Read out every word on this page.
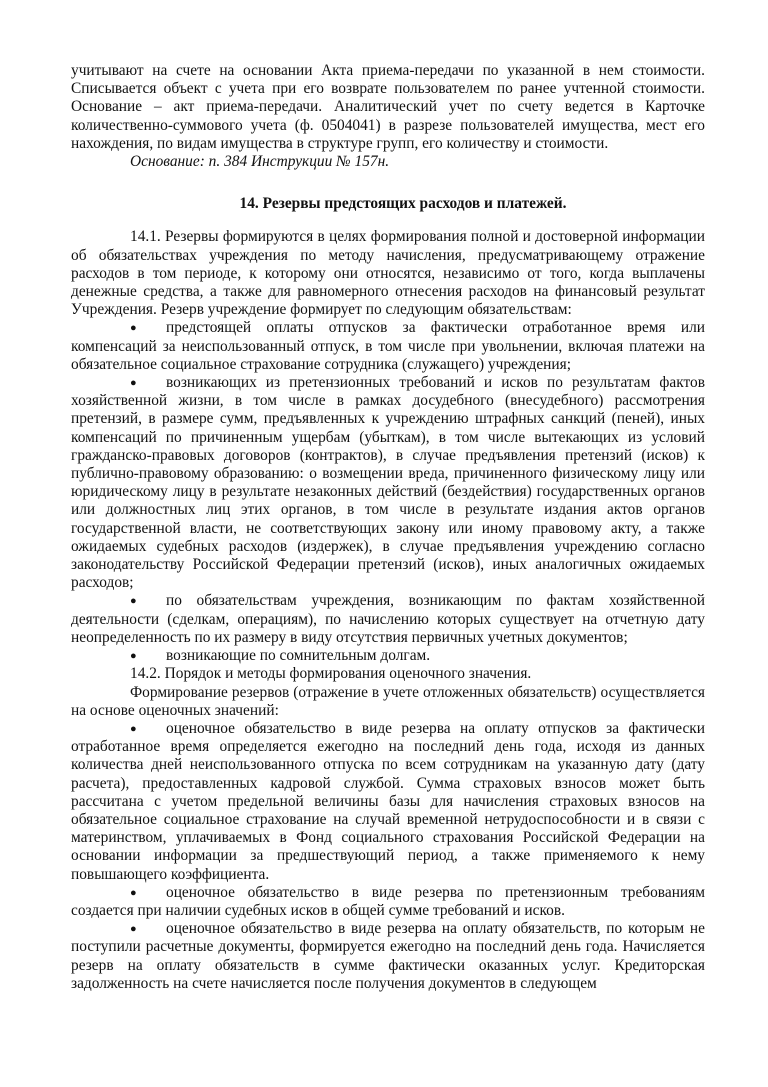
учитывают на счете на основании Акта приема-передачи по указанной в нем стоимости. Списывается объект с учета при его возврате пользователем по ранее учтенной стоимости. Основание – акт приема-передачи. Аналитический учет по счету ведется в Карточке количественно-суммового учета (ф. 0504041) в разрезе пользователей имущества, мест его нахождения, по видам имущества в структуре групп, его количеству и стоимости.

Основание: п. 384 Инструкции № 157н.

14. Резервы предстоящих расходов и платежей.

14.1. Резервы формируются в целях формирования полной и достоверной информации об обязательствах учреждения по методу начисления, предусматривающему отражение расходов в том периоде, к которому они относятся, независимо от того, когда выплачены денежные средства, а также для равномерного отнесения расходов на финансовый результат Учреждения. Резерв учреждение формирует по следующим обязательствам:

● предстоящей оплаты отпусков за фактически отработанное время или компенсаций за неиспользованный отпуск, в том числе при увольнении, включая платежи на обязательное социальное страхование сотрудника (служащего) учреждения;

● возникающих из претензионных требований и исков по результатам фактов хозяйственной жизни, в том числе в рамках досудебного (внесудебного) рассмотрения претензий, в размере сумм, предъявленных к учреждению штрафных санкций (пеней), иных компенсаций по причиненным ущербам (убыткам), в том числе вытекающих из условий гражданско-правовых договоров (контрактов), в случае предъявления претензий (исков) к публично-правовому образованию: о возмещении вреда, причиненного физическому лицу или юридическому лицу в результате незаконных действий (бездействия) государственных органов или должностных лиц этих органов, в том числе в результате издания актов органов государственной власти, не соответствующих закону или иному правовому акту, а также ожидаемых судебных расходов (издержек), в случае предъявления учреждению согласно законодательству Российской Федерации претензий (исков), иных аналогичных ожидаемых расходов;

● по обязательствам учреждения, возникающим по фактам хозяйственной деятельности (сделкам, операциям), по начислению которых существует на отчетную дату неопределенность по их размеру в виду отсутствия первичных учетных документов;

● возникающие по сомнительным долгам.

14.2. Порядок и методы формирования оценочного значения.

Формирование резервов (отражение в учете отложенных обязательств) осуществляется на основе оценочных значений:

● оценочное обязательство в виде резерва на оплату отпусков за фактически отработанное время определяется ежегодно на последний день года, исходя из данных количества дней неиспользованного отпуска по всем сотрудникам на указанную дату (дату расчета), предоставленных кадровой службой. Сумма страховых взносов может быть рассчитана с учетом предельной величины базы для начисления страховых взносов на обязательное социальное страхование на случай временной нетрудоспособности и в связи с материнством, уплачиваемых в Фонд социального страхования Российской Федерации на основании информации за предшествующий период, а также применяемого к нему повышающего коэффициента.

● оценочное обязательство в виде резерва по претензионным требованиям создается при наличии судебных исков в общей сумме требований и исков.

● оценочное обязательство в виде резерва на оплату обязательств, по которым не поступили расчетные документы, формируется ежегодно на последний день года. Начисляется резерв на оплату обязательств в сумме фактически оказанных услуг. Кредиторская задолженность на счете начисляется после получения документов в следующем
